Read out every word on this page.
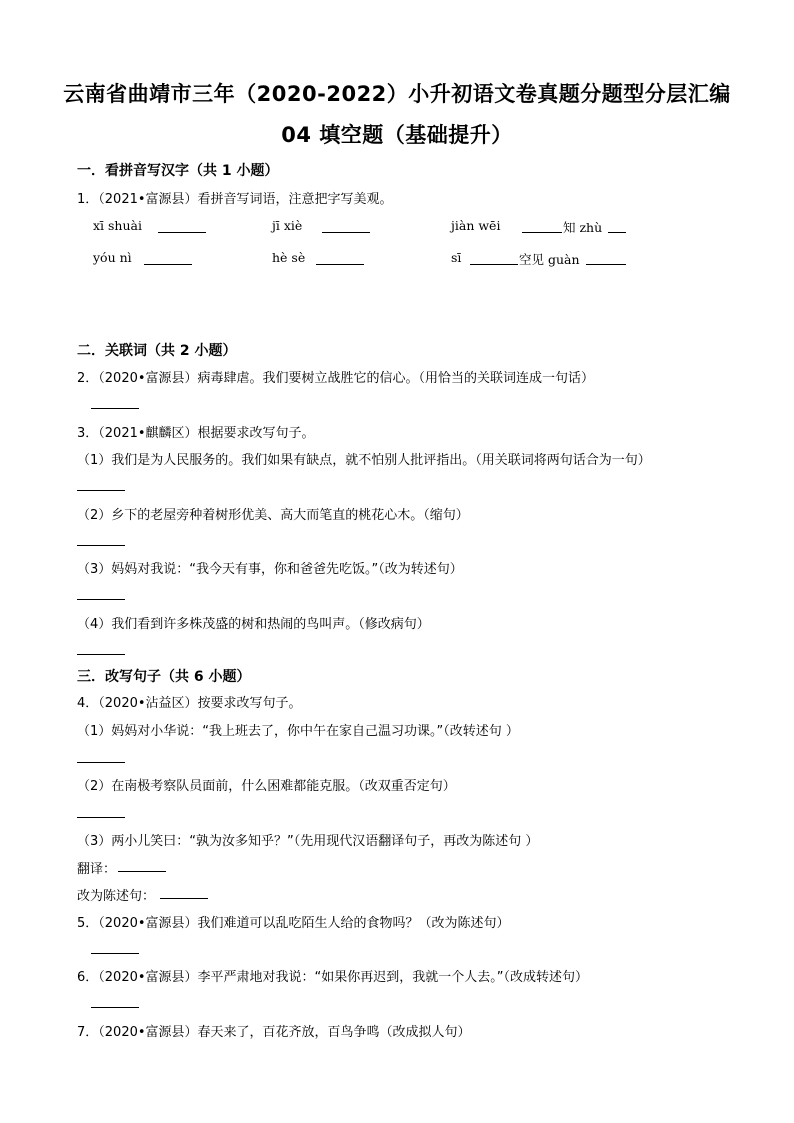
云南省曲靖市三年（2020-2022）小升初语文卷真题分题型分层汇编
04 填空题（基础提升）
一．看拼音写汉字（共 1 小题）
1．（2021•富源县）看拼音写词语，注意把字写美观。
xī shuài	jī xiè	jiàn wēi	知 zhù
yóu nì	hè sè	sī	空见 guàn
二．关联词（共 2 小题）
2．（2020•富源县）病毒肆虐。我们要树立战胜它的信心。（用恰当的关联词连成一句话）
3．（2021•麒麟区）根据要求改写句子。
（1）我们是为人民服务的。我们如果有缺点，就不怕别人批评指出。（用关联词将两句话合为一句）
（2）乡下的老屋旁种着树形优美、高大而笔直的桃花心木。（缩句）
（3）妈妈对我说：“我今天有事，你和爸爸先吃饭。”（改为转述句）
（4）我们看到许多株茂盛的树和热闹的鸟叫声。（修改病句）
三．改写句子（共 6 小题）
4．（2020•沾益区）按要求改写句子。
（1）妈妈对小华说：“我上班去了，你中午在家自己温习功课。”（改转述句 ）
（2）在南极考察队员面前，什么困难都能克服。（改双重否定句）
（3）两小儿笑曰：“孰为汝多知乎？”（先用现代汉语翻译句子，再改为陈述句 ）
翻译：
改为陈述句：
5．（2020•富源县）我们难道可以乱吃陌生人给的食物吗？（改为陈述句）
6．（2020•富源县）李平严肃地对我说：“如果你再迟到，我就一个人去。”（改成转述句）
7．（2020•富源县）春天来了，百花齐放，百鸟争鸣（改成拟人句）
